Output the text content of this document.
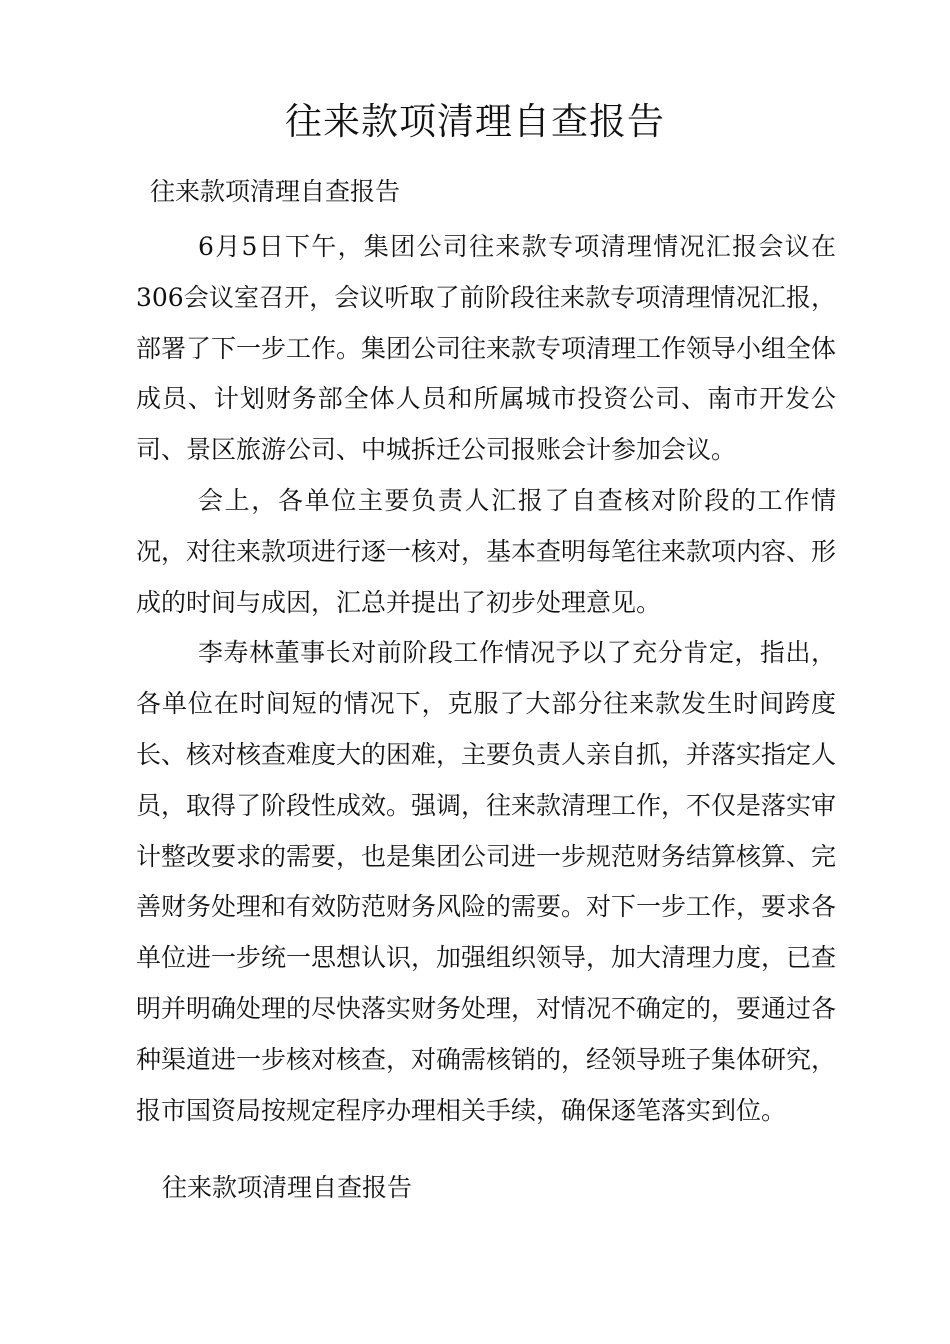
往来款项清理自查报告

往来款项清理自查报告

6月5日下午，集团公司往来款专项清理情况汇报会议在306会议室召开，会议听取了前阶段往来款专项清理情况汇报，部署了下一步工作。集团公司往来款专项清理工作领导小组全体成员、计划财务部全体人员和所属城市投资公司、南市开发公司、景区旅游公司、中城拆迁公司报账会计参加会议。

会上，各单位主要负责人汇报了自查核对阶段的工作情况，对往来款项进行逐一核对，基本查明每笔往来款项内容、形成的时间与成因，汇总并提出了初步处理意见。

李寿林董事长对前阶段工作情况予以了充分肯定，指出，各单位在时间短的情况下，克服了大部分往来款发生时间跨度长、核对核查难度大的困难，主要负责人亲自抓，并落实指定人员，取得了阶段性成效。强调，往来款清理工作，不仅是落实审计整改要求的需要，也是集团公司进一步规范财务结算核算、完善财务处理和有效防范财务风险的需要。对下一步工作，要求各单位进一步统一思想认识，加强组织领导，加大清理力度，已查明并明确处理的尽快落实财务处理，对情况不确定的，要通过各种渠道进一步核对核查，对确需核销的，经领导班子集体研究，报市国资局按规定程序办理相关手续，确保逐笔落实到位。

往来款项清理自查报告
